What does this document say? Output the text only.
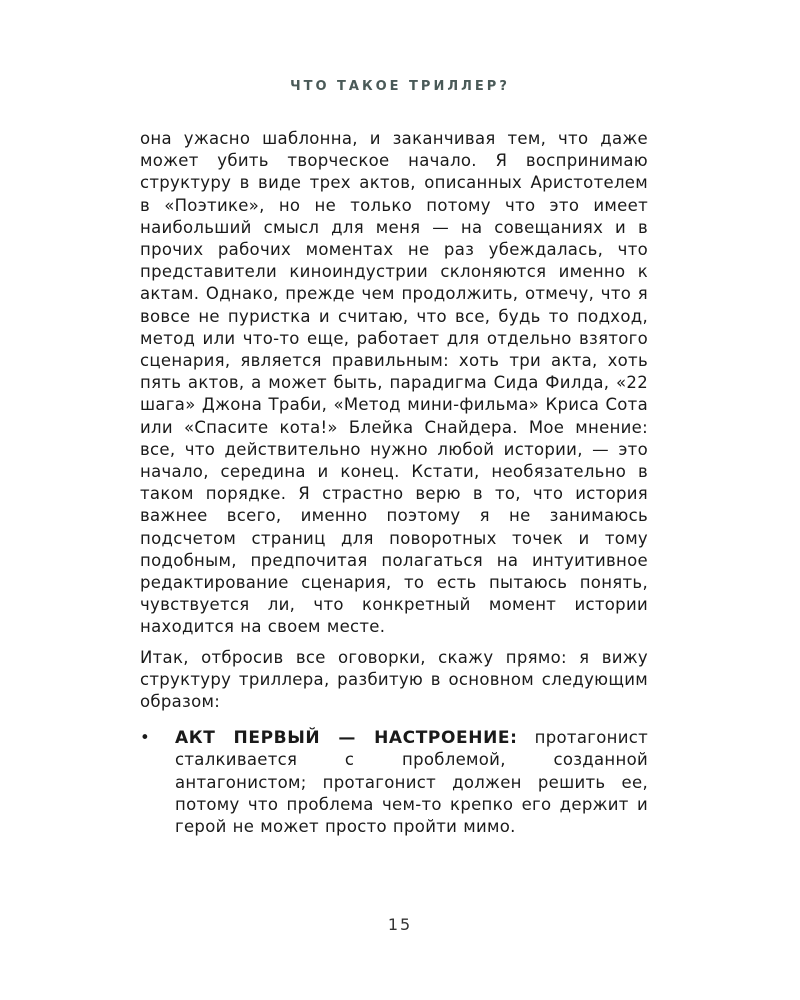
ЧТО ТАКОЕ ТРИЛЛЕР?

она ужасно шаблонна, и заканчивая тем, что даже может убить творческое начало. Я воспринимаю структуру в виде трех актов, описанных Аристотелем в «Поэтике», но не только потому что это имеет наибольший смысл для меня — на совещаниях и в прочих рабочих моментах не раз убеждалась, что представители киноиндустрии склоняются именно к актам. Однако, прежде чем продолжить, отмечу, что я вовсе не пуристка и считаю, что все, будь то подход, метод или что-то еще, работает для отдельно взятого сценария, является правильным: хоть три акта, хоть пять актов, а может быть, парадигма Сида Филда, «22 шага» Джона Траби, «Метод мини-фильма» Криса Сота или «Спасите кота!» Блейка Снайдера. Мое мнение: все, что действительно нужно любой истории, — это начало, середина и конец. Кстати, необязательно в таком порядке. Я страстно верю в то, что история важнее всего, именно поэтому я не занимаюсь подсчетом страниц для поворотных точек и тому подобным, предпочитая полагаться на интуитивное редактирование сценария, то есть пытаюсь понять, чувствуется ли, что конкретный момент истории находится на своем месте.

Итак, отбросив все оговорки, скажу прямо: я вижу структуру триллера, разбитую в основном следующим образом:

• АКТ ПЕРВЫЙ — НАСТРОЕНИЕ: протагонист сталкивается с проблемой, созданной антагонистом; протагонист должен решить ее, потому что проблема чем-то крепко его держит и герой не может просто пройти мимо.
15
